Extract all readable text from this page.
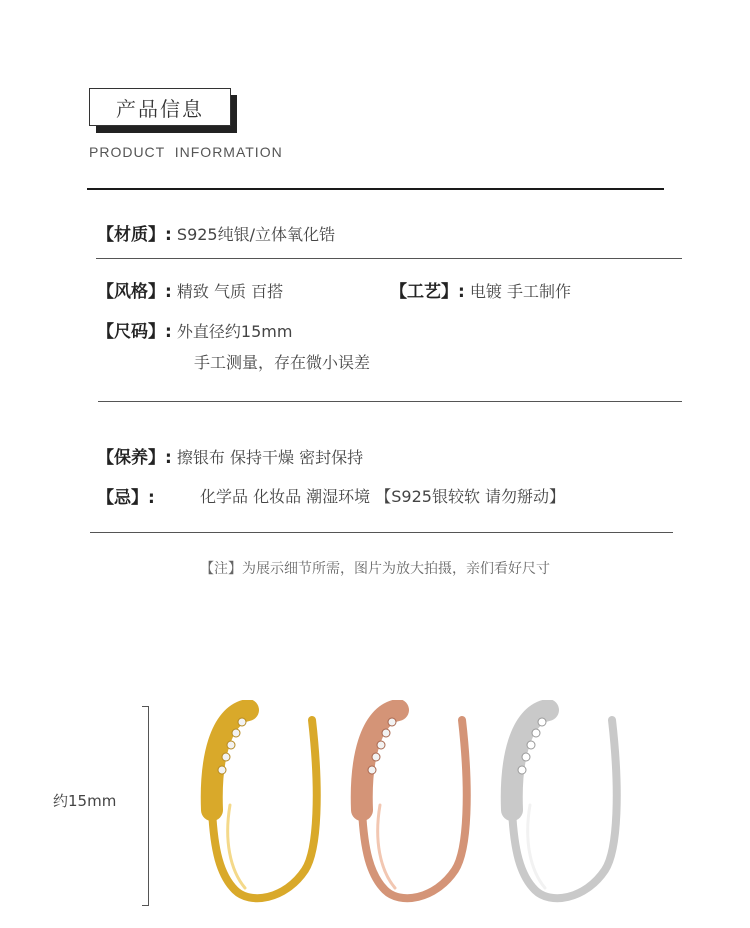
产品信息
PRODUCT  INFORMATION
【材质】: S925纯银/立体氧化锆
【风格】: 精致 气质 百搭	【工艺】: 电镀 手工制作
【尺码】: 外直径约15mm
手工测量，存在微小误差
【保养】: 擦银布 保持干燥 密封保持
【忌】:	化学品 化妆品 潮湿环境 【S925银较软 请勿掰动】
【注】为展示细节所需，图片为放大拍摄，亲们看好尺寸
约15mm
